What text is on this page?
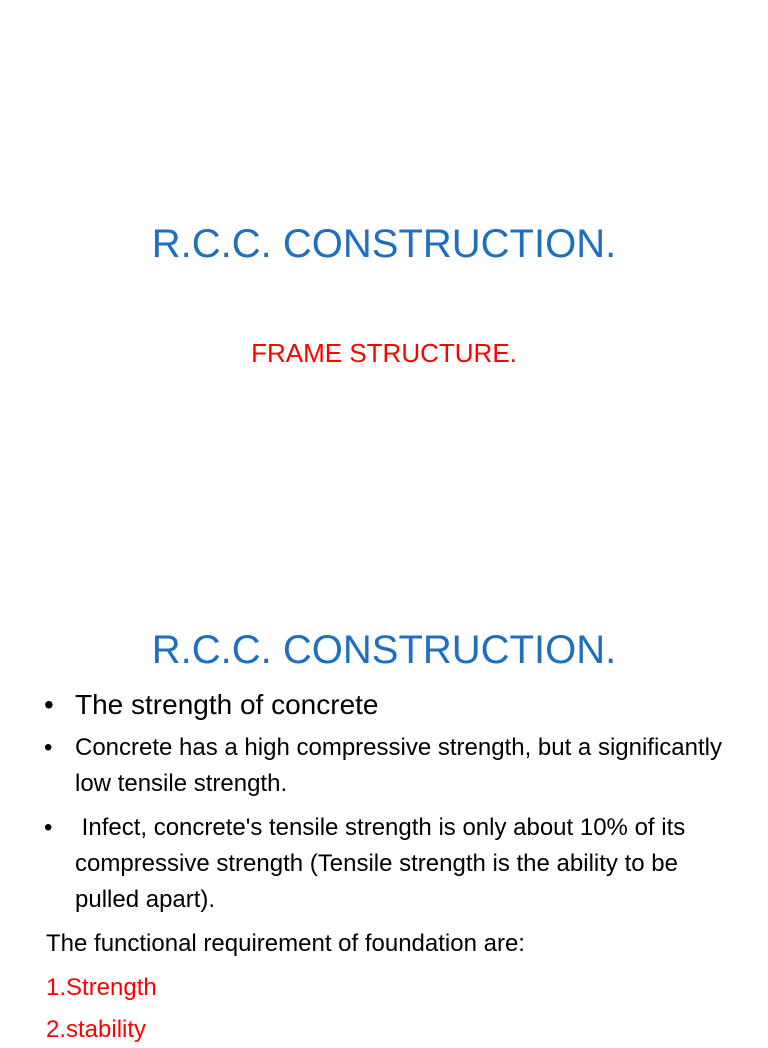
R.C.C. CONSTRUCTION.
FRAME STRUCTURE.
R.C.C. CONSTRUCTION.
• The strength of concrete
• Concrete has a high compressive strength, but a significantly low tensile strength.
• Infect, concrete's tensile strength is only about 10% of its compressive strength (Tensile strength is the ability to be pulled apart).
The functional requirement of foundation are:
1.Strength
2.stability
